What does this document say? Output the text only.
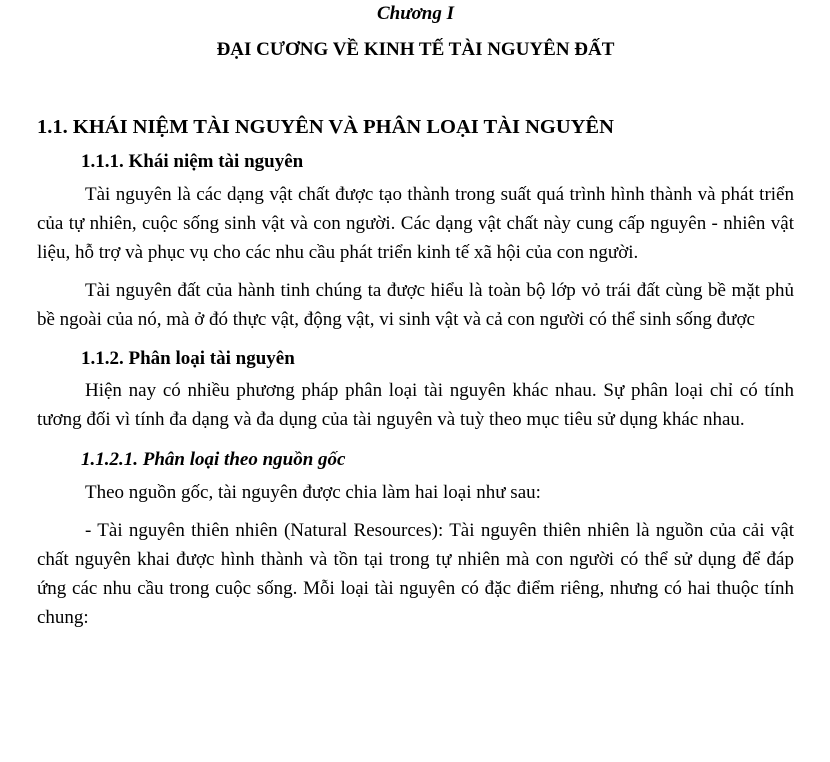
Chương I
ĐẠI CƯƠNG VỀ KINH TẾ TÀI NGUYÊN ĐẤT
1.1. KHÁI NIỆM TÀI NGUYÊN VÀ PHÂN LOẠI TÀI NGUYÊN
1.1.1. Khái niệm tài nguyên

Tài nguyên là các dạng vật chất được tạo thành trong suất quá trình hình thành và phát triển của tự nhiên, cuộc sống sinh vật và con người. Các dạng vật chất này cung cấp nguyên - nhiên vật liệu, hỗ trợ và phục vụ cho các nhu cầu phát triển kinh tế xã hội của con người.

Tài nguyên đất của hành tinh chúng ta được hiểu là toàn bộ lớp vỏ trái đất cùng bề mặt phủ bề ngoài của nó, mà ở đó thực vật, động vật, vi sinh vật và cả con người có thể sinh sống được

1.1.2. Phân loại tài nguyên

Hiện nay có nhiều phương pháp phân loại tài nguyên khác nhau. Sự phân loại chỉ có tính tương đối vì tính đa dạng và đa dụng của tài nguyên và tuỳ theo mục tiêu sử dụng khác nhau.

1.1.2.1. Phân loại theo nguồn gốc

Theo nguồn gốc, tài nguyên được chia làm hai loại như sau:

- Tài nguyên thiên nhiên (Natural Resources): Tài nguyên thiên nhiên là nguồn của cải vật chất nguyên khai được hình thành và tồn tại trong tự nhiên mà con người có thể sử dụng để đáp ứng các nhu cầu trong cuộc sống. Mỗi loại tài nguyên có đặc điểm riêng, nhưng có hai thuộc tính chung:
